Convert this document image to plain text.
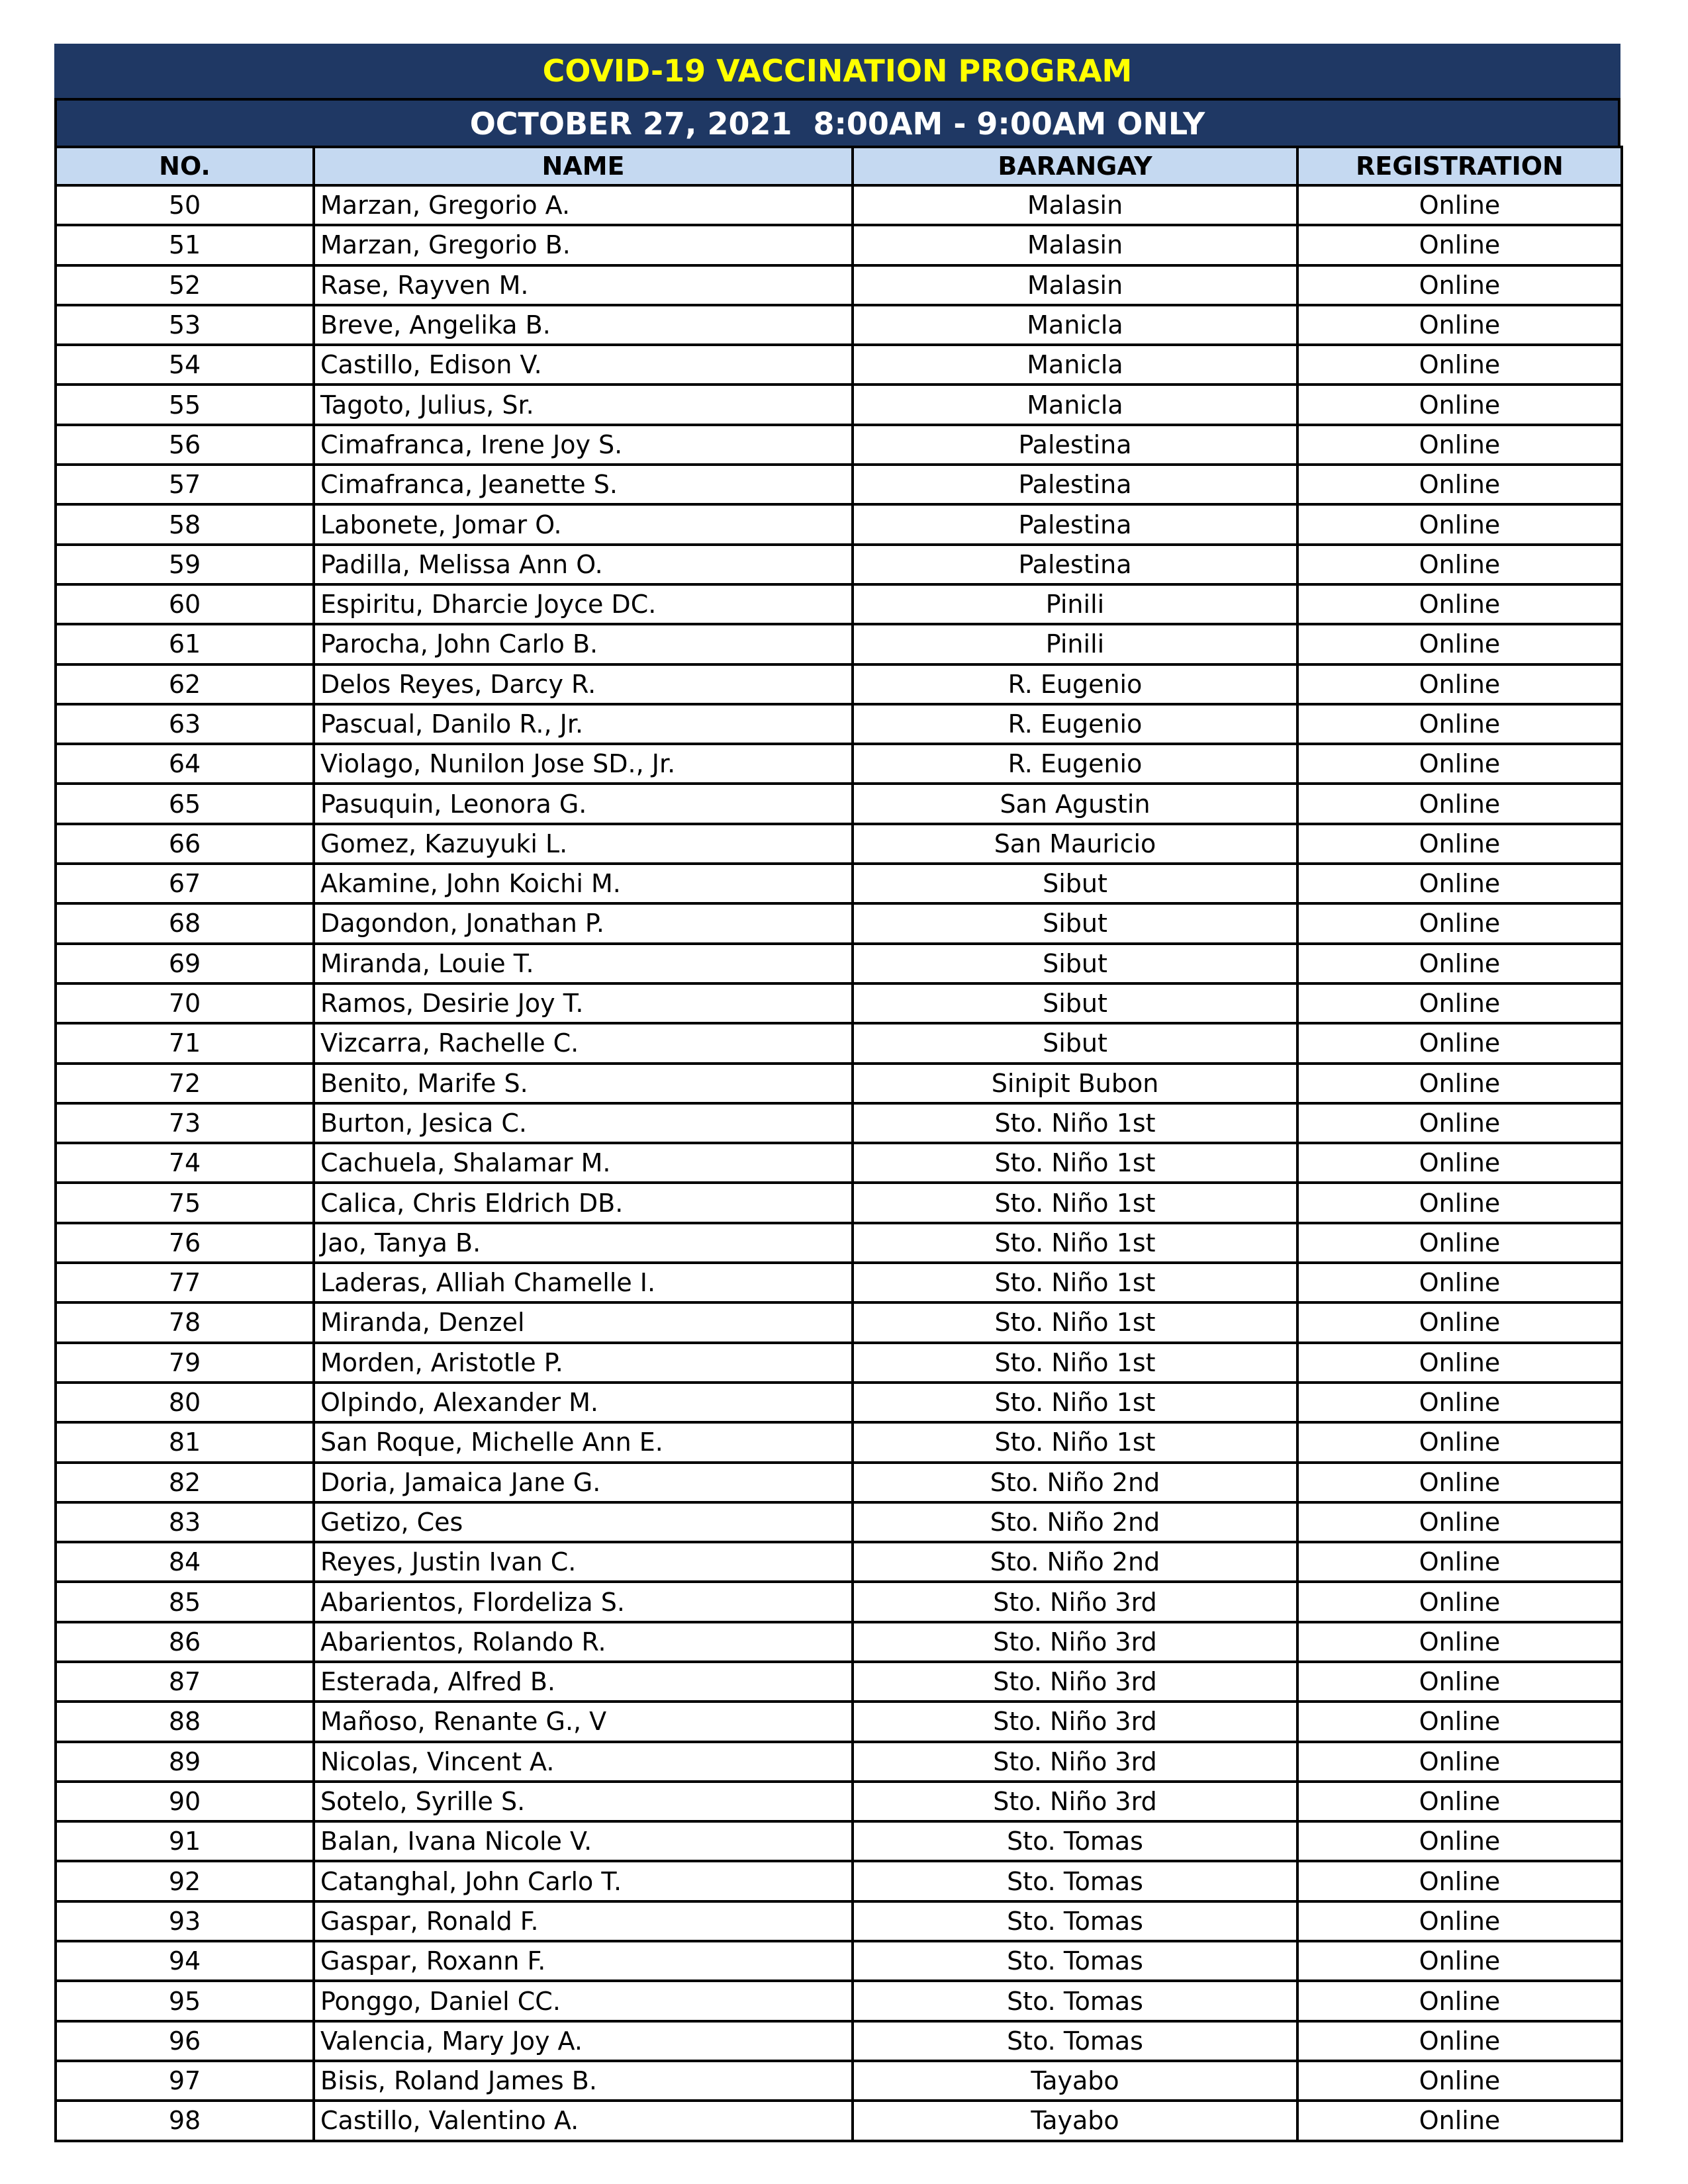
COVID-19 VACCINATION PROGRAM
OCTOBER 27, 2021  8:00AM - 9:00AM ONLY
NO.	NAME	BARANGAY	REGISTRATION
50	Marzan, Gregorio A.	Malasin	Online
51	Marzan, Gregorio B.	Malasin	Online
52	Rase, Rayven M.	Malasin	Online
53	Breve, Angelika B.	Manicla	Online
54	Castillo, Edison V.	Manicla	Online
55	Tagoto, Julius, Sr.	Manicla	Online
56	Cimafranca, Irene Joy S.	Palestina	Online
57	Cimafranca, Jeanette S.	Palestina	Online
58	Labonete, Jomar O.	Palestina	Online
59	Padilla, Melissa Ann O.	Palestina	Online
60	Espiritu, Dharcie Joyce DC.	Pinili	Online
61	Parocha, John Carlo B.	Pinili	Online
62	Delos Reyes, Darcy R.	R. Eugenio	Online
63	Pascual, Danilo R., Jr.	R. Eugenio	Online
64	Violago, Nunilon Jose SD., Jr.	R. Eugenio	Online
65	Pasuquin, Leonora G.	San Agustin	Online
66	Gomez, Kazuyuki L.	San Mauricio	Online
67	Akamine, John Koichi M.	Sibut	Online
68	Dagondon, Jonathan P.	Sibut	Online
69	Miranda, Louie T.	Sibut	Online
70	Ramos, Desirie Joy T.	Sibut	Online
71	Vizcarra, Rachelle C.	Sibut	Online
72	Benito, Marife S.	Sinipit Bubon	Online
73	Burton, Jesica C.	Sto. Niño 1st	Online
74	Cachuela, Shalamar M.	Sto. Niño 1st	Online
75	Calica, Chris Eldrich DB.	Sto. Niño 1st	Online
76	Jao, Tanya B.	Sto. Niño 1st	Online
77	Laderas, Alliah Chamelle I.	Sto. Niño 1st	Online
78	Miranda, Denzel	Sto. Niño 1st	Online
79	Morden, Aristotle P.	Sto. Niño 1st	Online
80	Olpindo, Alexander M.	Sto. Niño 1st	Online
81	San Roque, Michelle Ann E.	Sto. Niño 1st	Online
82	Doria, Jamaica Jane G.	Sto. Niño 2nd	Online
83	Getizo, Ces	Sto. Niño 2nd	Online
84	Reyes, Justin Ivan C.	Sto. Niño 2nd	Online
85	Abarientos, Flordeliza S.	Sto. Niño 3rd	Online
86	Abarientos, Rolando R.	Sto. Niño 3rd	Online
87	Esterada, Alfred B.	Sto. Niño 3rd	Online
88	Mañoso, Renante G., V	Sto. Niño 3rd	Online
89	Nicolas, Vincent A.	Sto. Niño 3rd	Online
90	Sotelo, Syrille S.	Sto. Niño 3rd	Online
91	Balan, Ivana Nicole V.	Sto. Tomas	Online
92	Catanghal, John Carlo T.	Sto. Tomas	Online
93	Gaspar, Ronald F.	Sto. Tomas	Online
94	Gaspar, Roxann F.	Sto. Tomas	Online
95	Ponggo, Daniel CC.	Sto. Tomas	Online
96	Valencia, Mary Joy A.	Sto. Tomas	Online
97	Bisis, Roland James B.	Tayabo	Online
98	Castillo, Valentino A.	Tayabo	Online
